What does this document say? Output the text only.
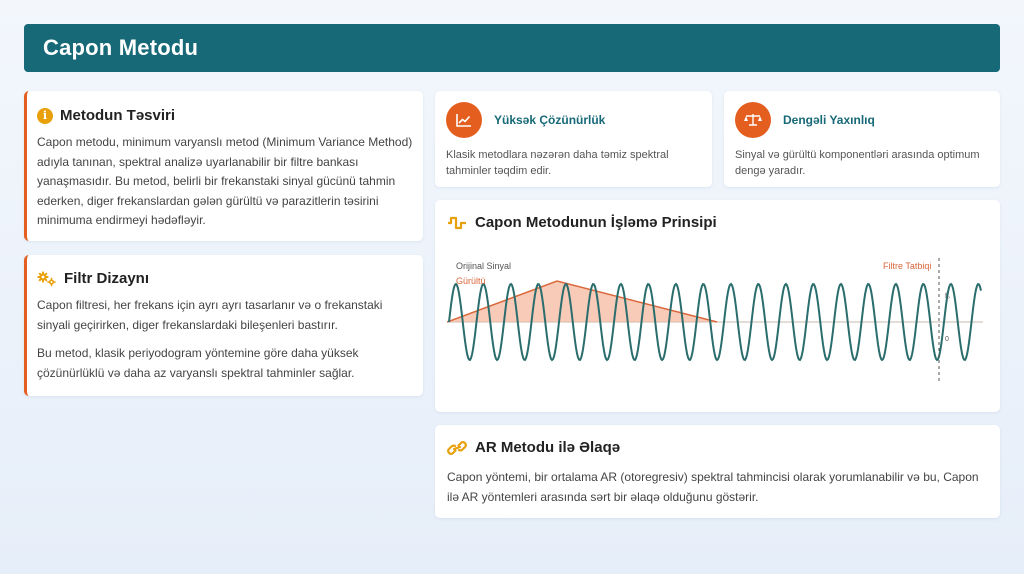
Capon Metodu
i Metodun Təsviri

Capon metodu, minimum varyanslı metod (Minimum Variance Method) adıyla tanınan, spektral analizə uyarlanabilir bir filtre bankası yanaşmasıdır. Bu metod, belirli bir frekanstaki sinyal gücünü tahmin ederken, diger frekanslardan gələn gürültü və parazitlerin təsirini minimuma endirmeyi hədəfləyir.

Filtr Dizaynı

Capon filtresi, her frekans için ayrı ayrı tasarlanır və o frekanstaki sinyali geçirirken, diger frekanslardaki bileşenleri bastırır.

Bu metod, klasik periyodogram yöntemine göre daha yüksek çözünürlüklü və daha az varyanslı spektral tahminler sağlar.

Yüksək Çözünürlük

Klasik metodlara nəzərən daha təmiz spektral tahminler təqdim edir.

Dengəli Yaxınlıq

Sinyal və gürültü komponentləri arasında optimum dengə yaradır.

Capon Metodunun İşləmə Prinsipi
Orijinal Sinyal
Gürültü
Filtre Tatbiqi
f₀
0
AR Metodu ilə Əlaqə

Capon yöntemi, bir ortalama AR (otoregresiv) spektral tahmincisi olarak yorumlanabilir və bu, Capon ilə AR yöntemleri arasında sərt bir əlaqə olduğunu göstərir.
